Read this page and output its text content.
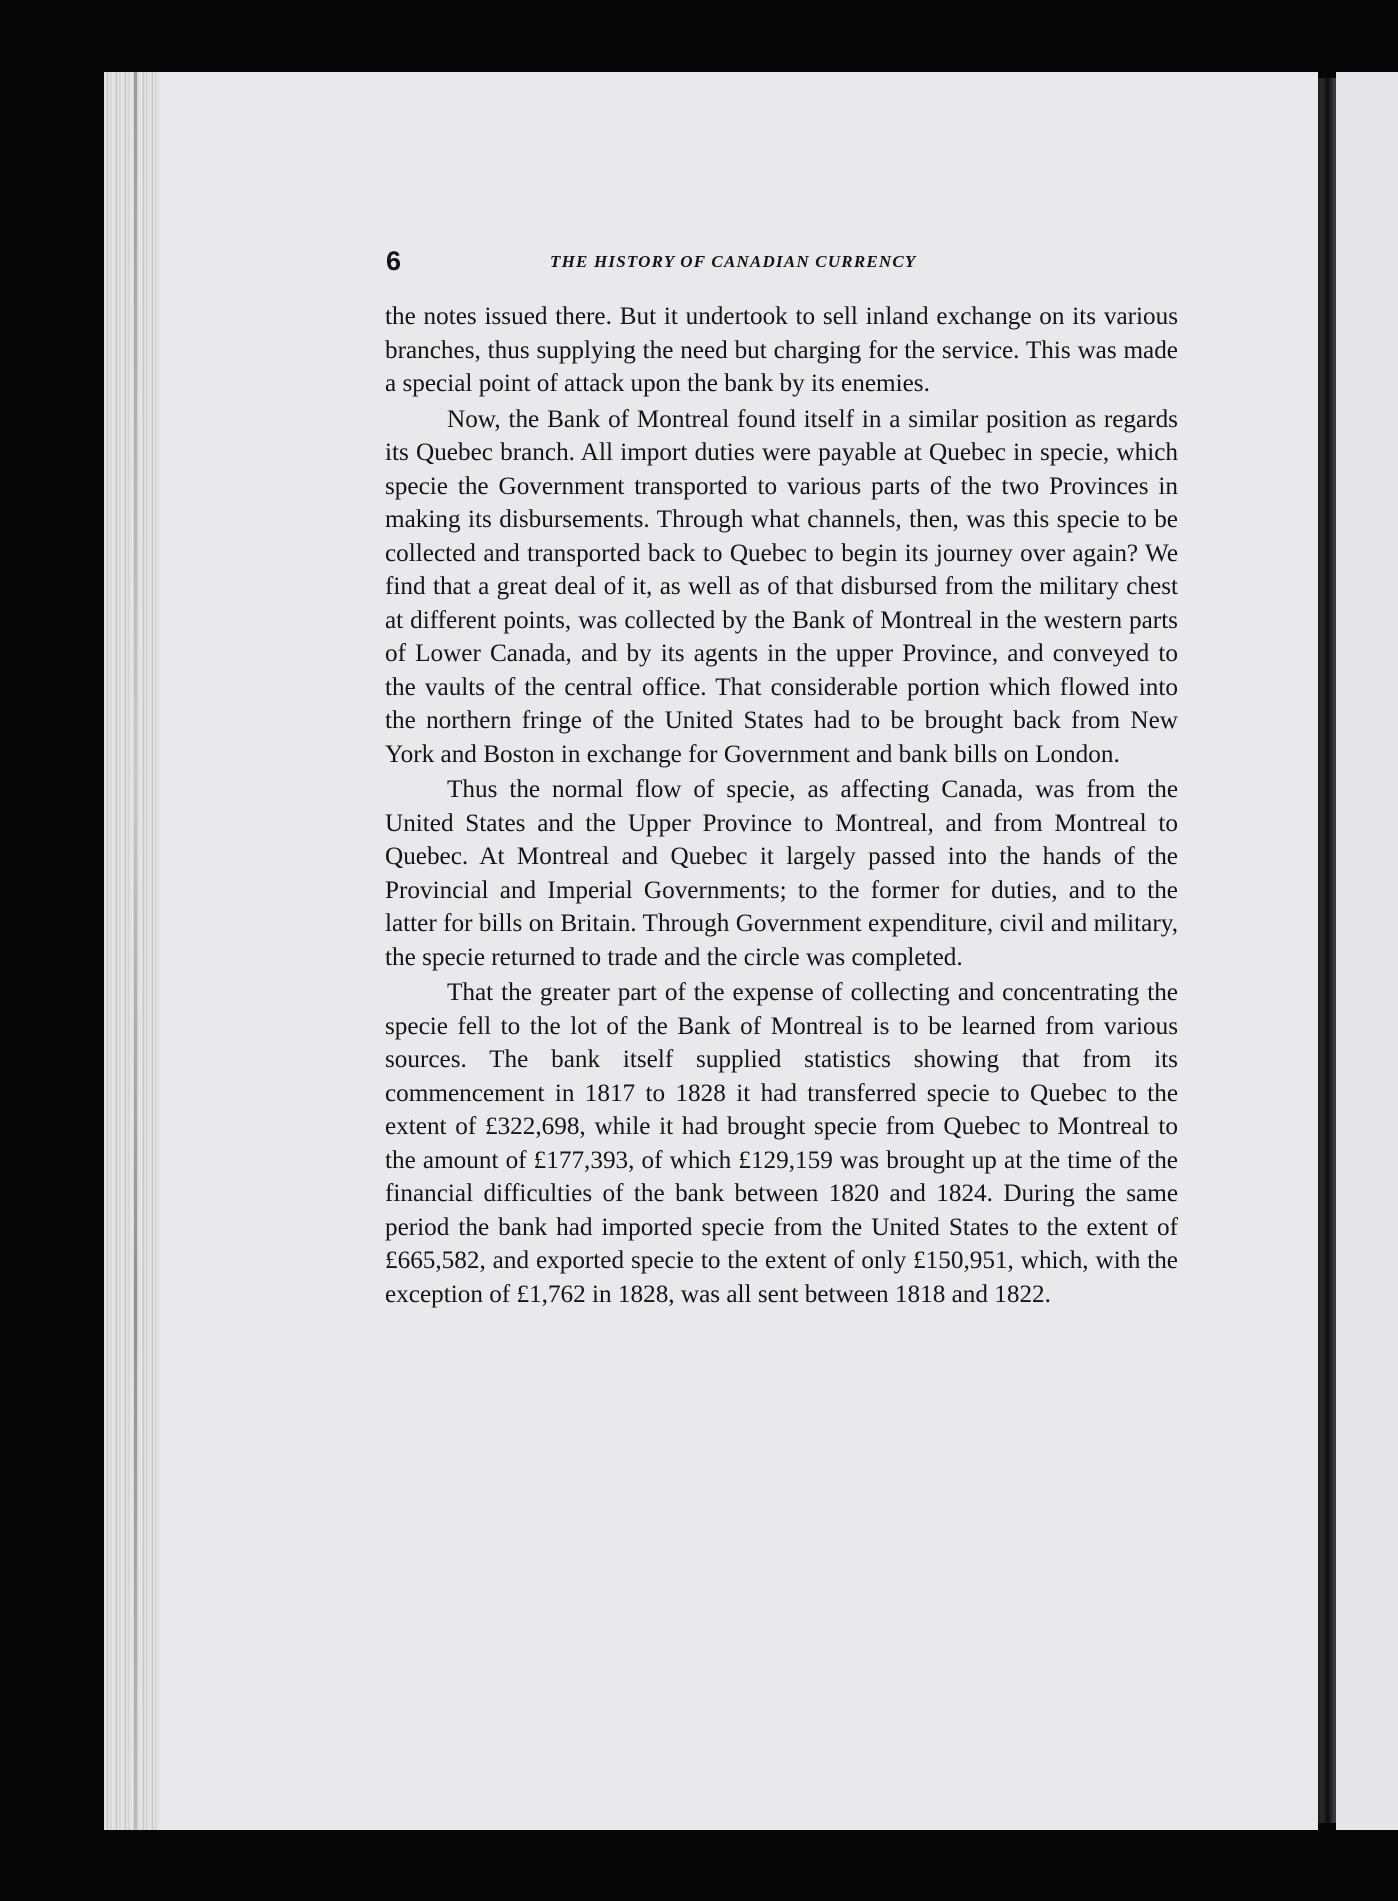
6	THE HISTORY OF CANADIAN CURRENCY

the notes issued there. But it undertook to sell inland exchange on its various branches, thus supplying the need but charging for the service. This was made a special point of attack upon the bank by its enemies.

Now, the Bank of Montreal found itself in a similar position as regards its Quebec branch. All import duties were payable at Quebec in specie, which specie the Government transported to various parts of the two Provinces in making its disbursements. Through what channels, then, was this specie to be collected and transported back to Quebec to begin its journey over again? We find that a great deal of it, as well as of that disbursed from the military chest at different points, was collected by the Bank of Montreal in the western parts of Lower Canada, and by its agents in the upper Province, and conveyed to the vaults of the central office. That considerable portion which flowed into the northern fringe of the United States had to be brought back from New York and Boston in exchange for Government and bank bills on London.

Thus the normal flow of specie, as affecting Canada, was from the United States and the Upper Province to Montreal, and from Montreal to Quebec. At Montreal and Quebec it largely passed into the hands of the Provincial and Imperial Governments; to the former for duties, and to the latter for bills on Britain. Through Government expenditure, civil and military, the specie returned to trade and the circle was completed.

That the greater part of the expense of collecting and concentrating the specie fell to the lot of the Bank of Montreal is to be learned from various sources. The bank itself supplied statistics showing that from its commencement in 1817 to 1828 it had transferred specie to Quebec to the extent of £322,698, while it had brought specie from Quebec to Montreal to the amount of £177,393, of which £129,159 was brought up at the time of the financial difficulties of the bank between 1820 and 1824. During the same period the bank had imported specie from the United States to the extent of £665,582, and exported specie to the extent of only £150,951, which, with the exception of £1,762 in 1828, was all sent between 1818 and 1822.
